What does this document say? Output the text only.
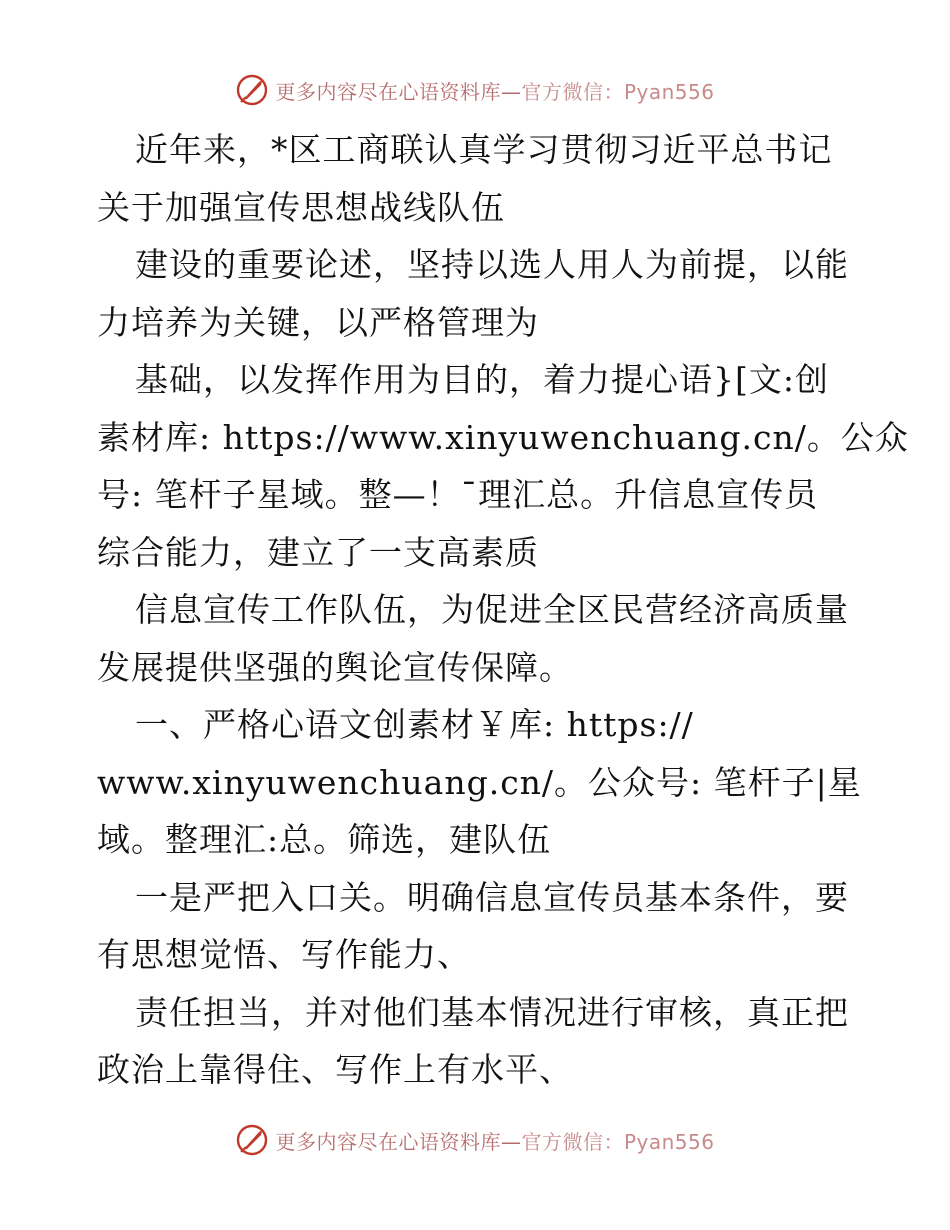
更多内容尽在心语资料库—官方微信：Pyan556
近年来，*区工商联认真学习贯彻习近平总书记
关于加强宣传思想战线队伍
建设的重要论述，坚持以选人用人为前提，以能
力培养为关键，以严格管理为
基础，以发挥作用为目的，着力提心语}[文:创
素材库: https://www.xinyuwenchuang.cn/。公众
号: 笔杆子星域。整—！¯理汇总。升信息宣传员
综合能力，建立了一支高素质
信息宣传工作队伍，为促进全区民营经济高质量
发展提供坚强的舆论宣传保障。
一、严格心语文创素材￥库: https://
www.xinyuwenchuang.cn/。公众号: 笔杆子|星
域。整理汇:总。筛选，建队伍
一是严把入口关。明确信息宣传员基本条件，要
有思想觉悟、写作能力、
责任担当，并对他们基本情况进行审核，真正把
政治上靠得住、写作上有水平、
更多内容尽在心语资料库—官方微信：Pyan556
